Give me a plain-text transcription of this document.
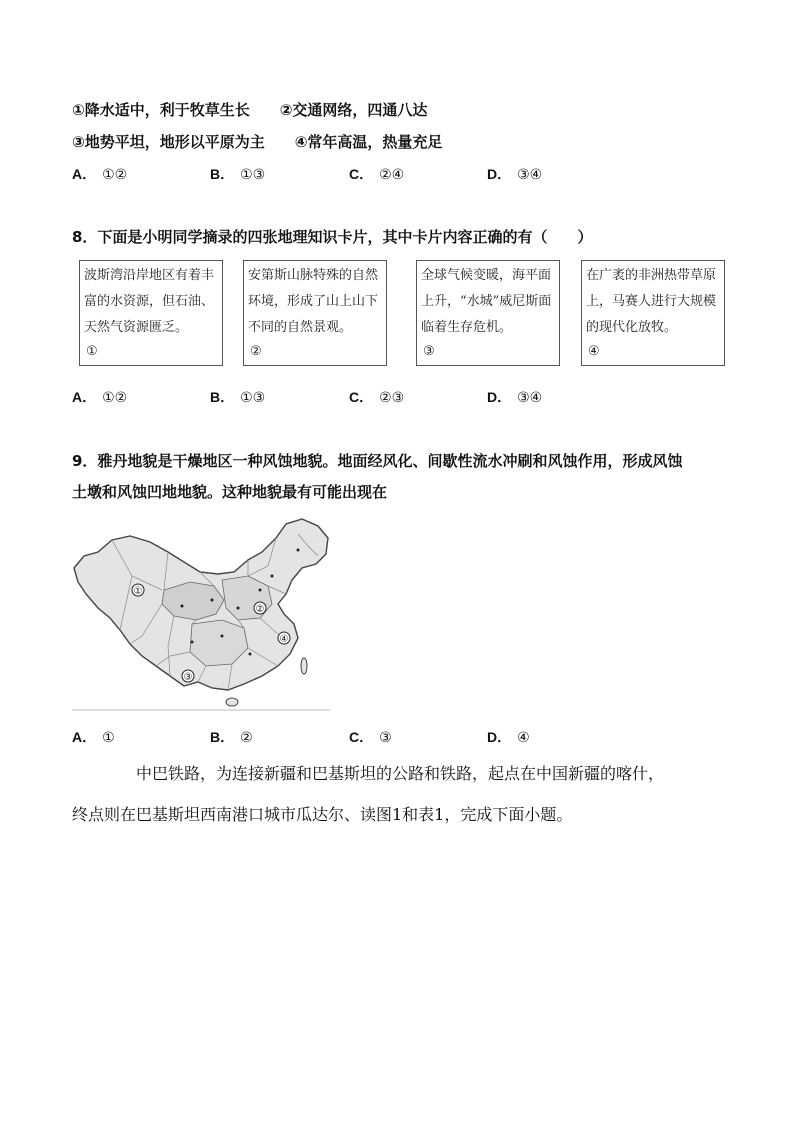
①降水适中，利于牧草生长　　②交通网络，四通八达
③地势平坦，地形以平原为主　　④常年高温，热量充足
A． ①②	B． ①③	C． ②④	D． ③④
8．下面是小明同学摘录的四张地理知识卡片，其中卡片内容正确的有（　　）
波斯湾沿岸地区有着丰富的水资源，但石油、天然气资源匮乏。
①
安第斯山脉特殊的自然环境，形成了山上山下不同的自然景观。
②
全球气候变暖，海平面上升，“水城”威尼斯面临着生存危机。
③
在广袤的非洲热带草原上，马赛人进行大规模的现代化放牧。
④
A． ①②	B． ①③	C． ②③	D． ③④
9．雅丹地貌是干燥地区一种风蚀地貌。地面经风化、间歇性流水冲刷和风蚀作用，形成风蚀
土墩和风蚀凹地地貌。这种地貌最有可能出现在
①
②
③
④
A． ①	B． ②	C． ③	D． ④
中巴铁路，为连接新疆和巴基斯坦的公路和铁路，起点在中国新疆的喀什，
终点则在巴基斯坦西南港口城市瓜达尔、读图1和表1，完成下面小题。
